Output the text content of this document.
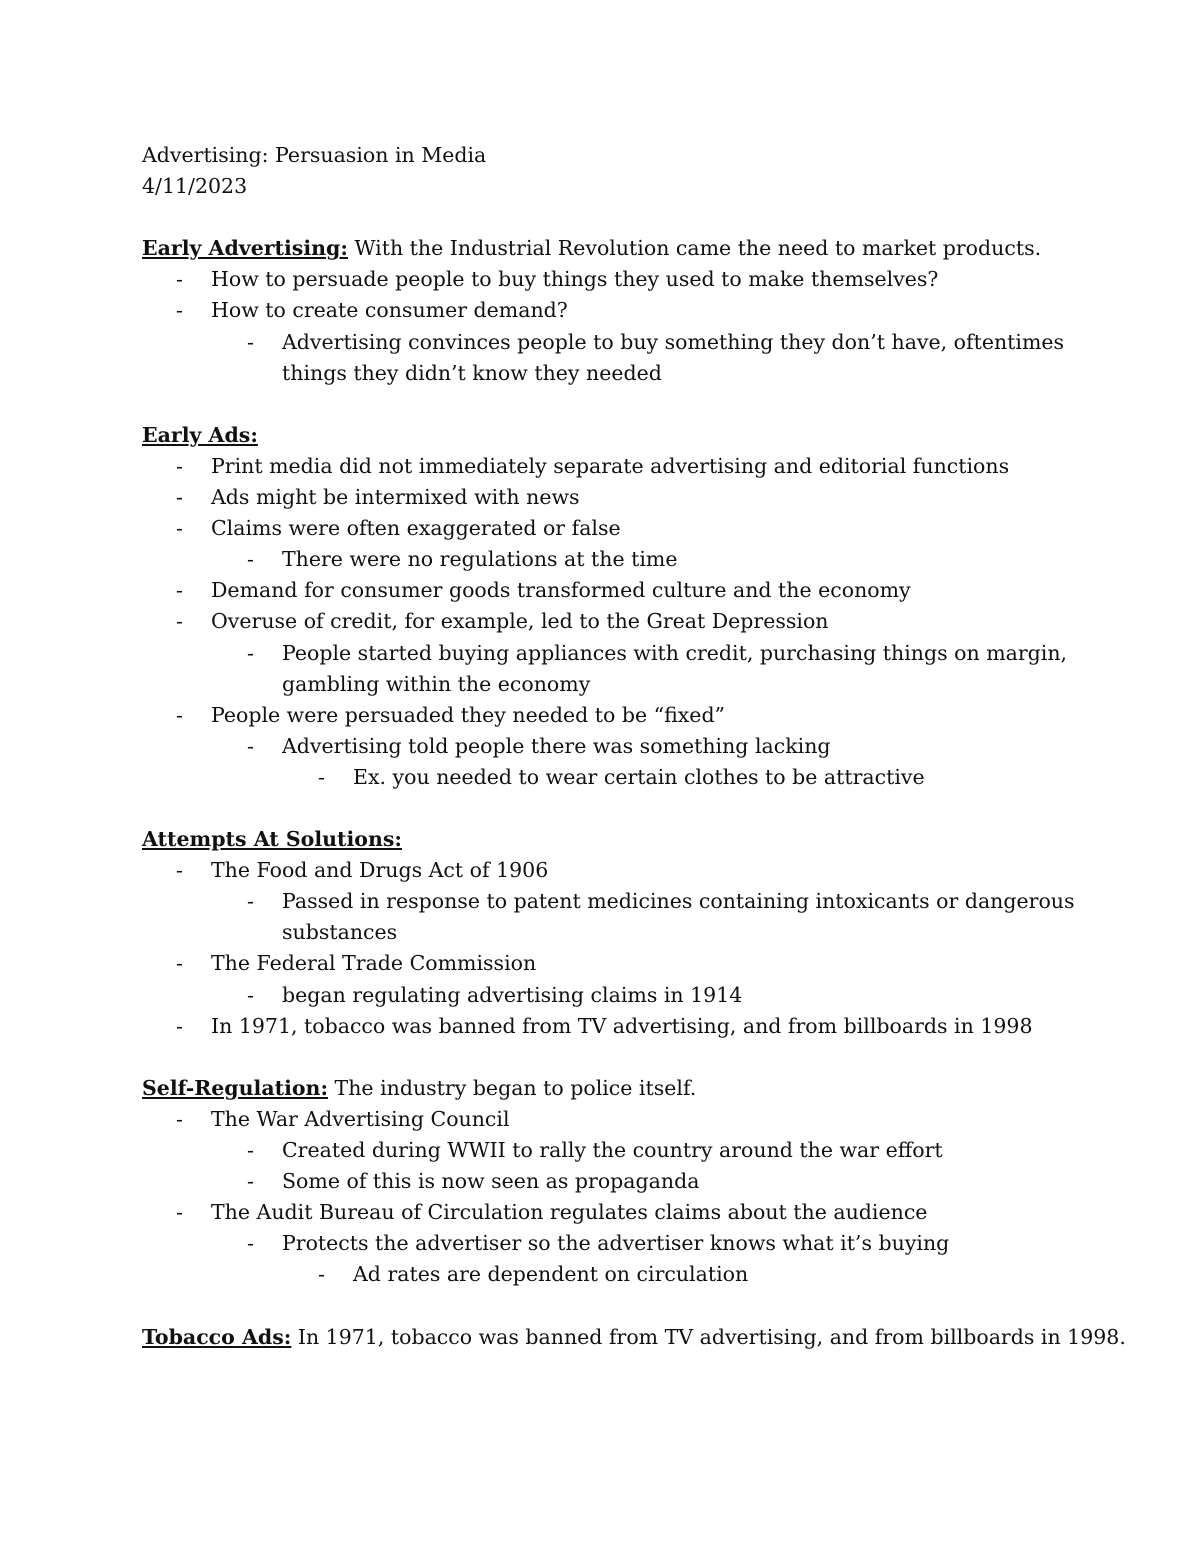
Advertising: Persuasion in Media
4/11/2023
Early Advertising: With the Industrial Revolution came the need to market products.
- How to persuade people to buy things they used to make themselves?
- How to create consumer demand?
- Advertising convinces people to buy something they don’t have, oftentimes things they didn’t know they needed
Early Ads:
- Print media did not immediately separate advertising and editorial functions
- Ads might be intermixed with news
- Claims were often exaggerated or false
- There were no regulations at the time
- Demand for consumer goods transformed culture and the economy
- Overuse of credit, for example, led to the Great Depression
- People started buying appliances with credit, purchasing things on margin, gambling within the economy
- People were persuaded they needed to be “fixed”
- Advertising told people there was something lacking
- Ex. you needed to wear certain clothes to be attractive
Attempts At Solutions:
- The Food and Drugs Act of 1906
- Passed in response to patent medicines containing intoxicants or dangerous substances
- The Federal Trade Commission
- began regulating advertising claims in 1914
- In 1971, tobacco was banned from TV advertising, and from billboards in 1998
Self-Regulation: The industry began to police itself.
- The War Advertising Council
- Created during WWII to rally the country around the war effort
- Some of this is now seen as propaganda
- The Audit Bureau of Circulation regulates claims about the audience
- Protects the advertiser so the advertiser knows what it’s buying
- Ad rates are dependent on circulation
Tobacco Ads: In 1971, tobacco was banned from TV advertising, and from billboards in 1998.
